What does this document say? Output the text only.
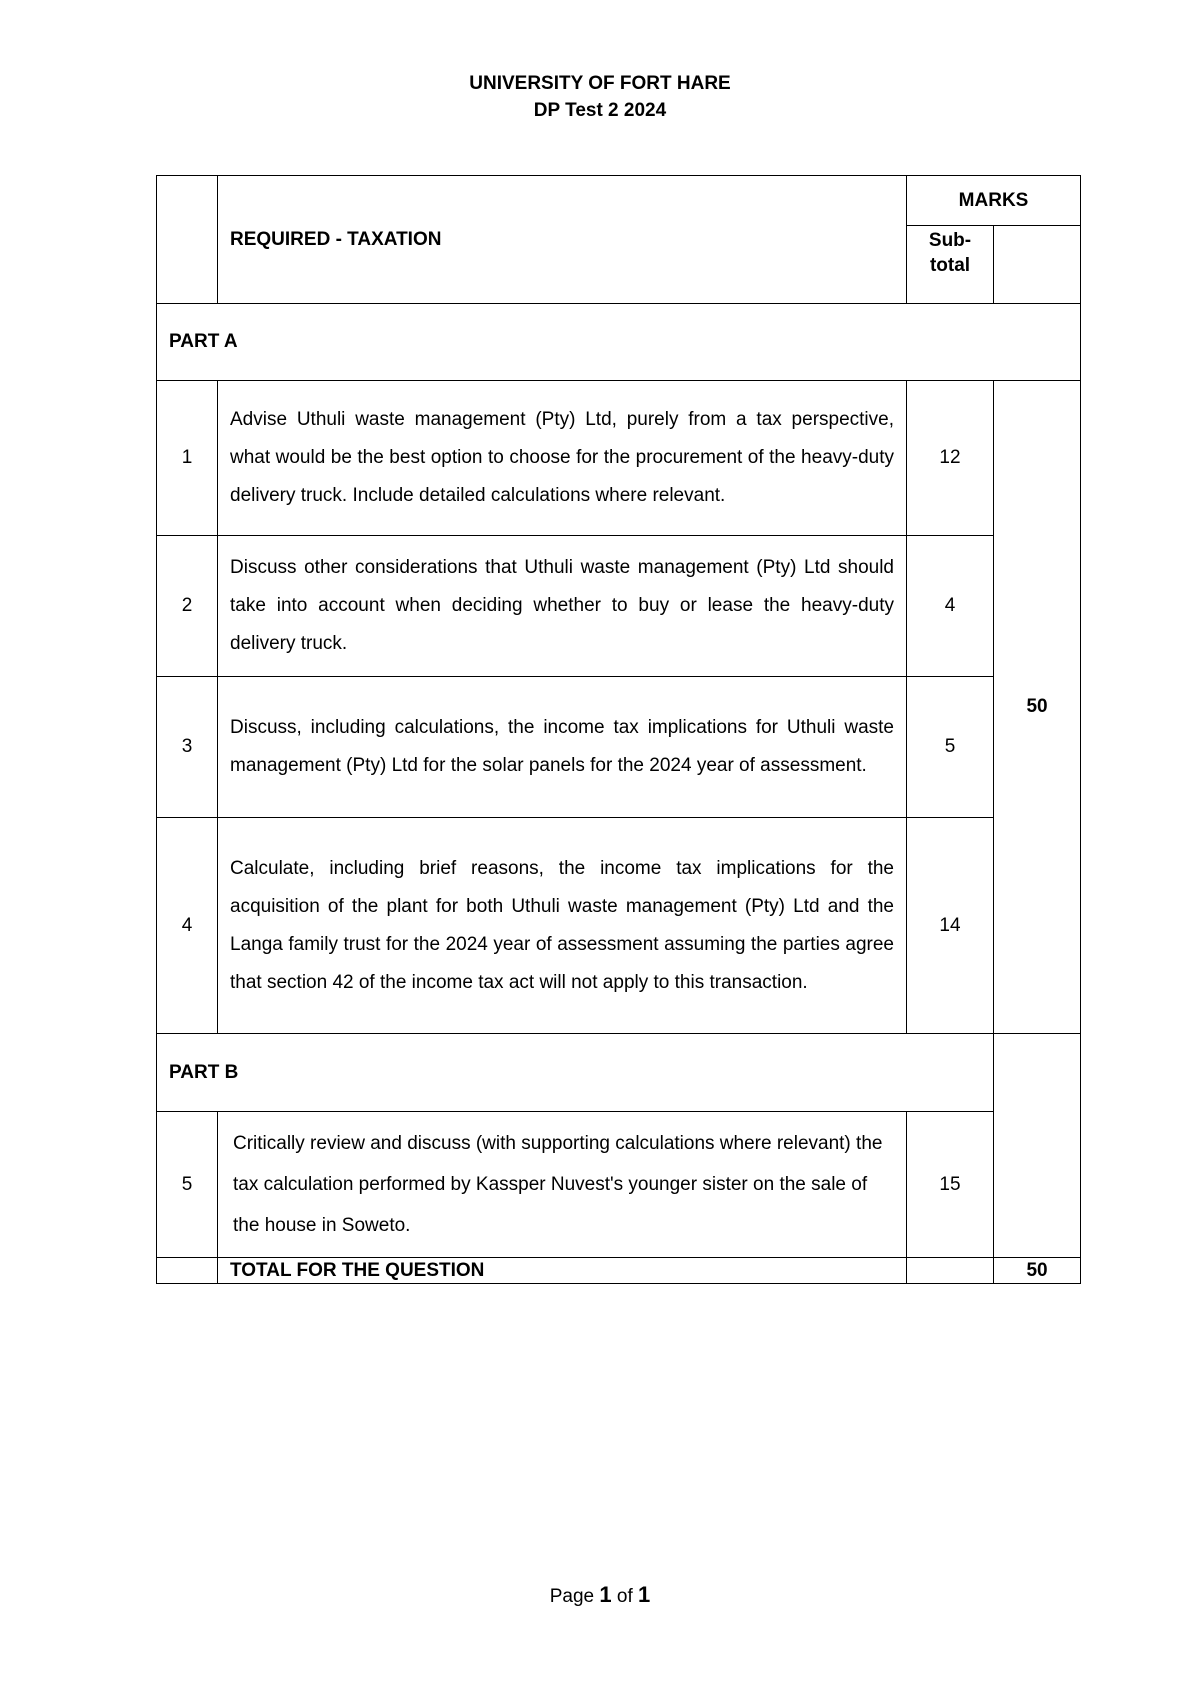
UNIVERSITY OF FORT HARE
DP Test 2 2024
	REQUIRED - TAXATION	MARKS	
		Sub-
total	
PART A			
1	Advise Uthuli waste management (Pty) Ltd, purely from a tax perspective, what would be the best option to choose for the procurement of the heavy-duty delivery truck. Include detailed calculations where relevant.	12	50
2	Discuss other considerations that Uthuli waste management (Pty) Ltd should take into account when deciding whether to buy or lease the heavy-duty delivery truck.	4	
3	Discuss, including calculations, the income tax implications for Uthuli waste management (Pty) Ltd for the solar panels for the 2024 year of assessment.	5	
4	Calculate, including brief reasons, the income tax implications for the acquisition of the plant for both Uthuli waste management (Pty) Ltd and the Langa family trust for the 2024 year of assessment assuming the parties agree that section 42 of the income tax act will not apply to this transaction.	14	
PART B			
5	Critically review and discuss (with supporting calculations where relevant) the tax calculation performed by Kassper Nuvest's younger sister on the sale of the house in Soweto.	15	
	TOTAL FOR THE QUESTION		50
Page 1 of 1
